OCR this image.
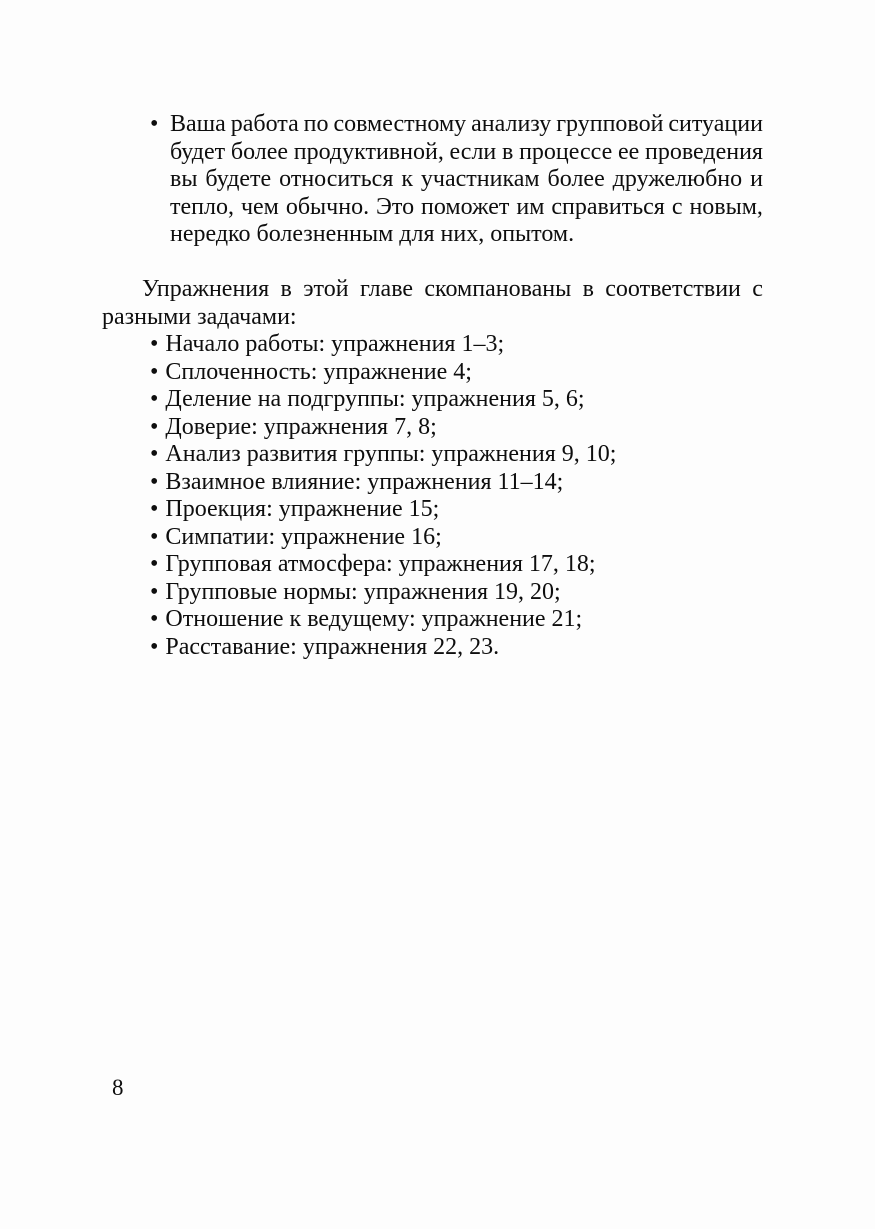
• Ваша работа по совместному анализу групповой ситуации
будет более продуктивной, если в процессе ее проведения
вы будете относиться к участникам более дружелюбно и
тепло, чем обычно. Это поможет им справиться с новым,
нередко болезненным для них, опытом.
Упражнения в этой главе скомпанованы в соответствии с
разными задачами:
• Начало работы: упражнения 1–3;
• Сплоченность: упражнение 4;
• Деление на подгруппы: упражнения 5, 6;
• Доверие: упражнения 7, 8;
• Анализ развития группы: упражнения 9, 10;
• Взаимное влияние: упражнения 11–14;
• Проекция: упражнение 15;
• Симпатии: упражнение 16;
• Групповая атмосфера: упражнения 17, 18;
• Групповые нормы: упражнения 19, 20;
• Отношение к ведущему: упражнение 21;
• Расставание: упражнения 22, 23.
8
